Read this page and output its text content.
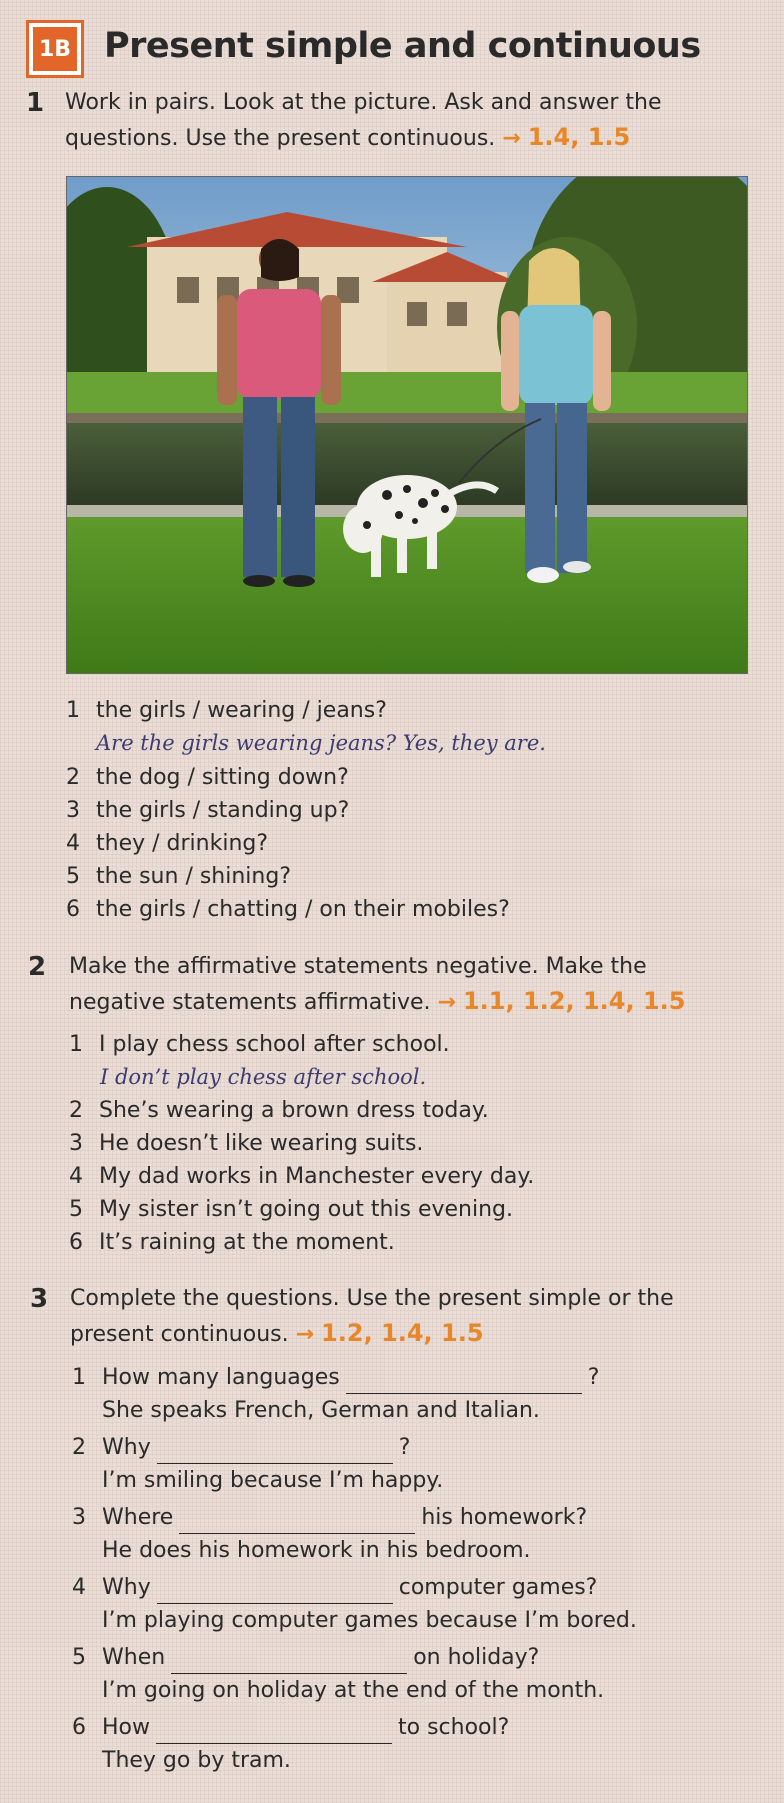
1B Present simple and continuous
1 Work in pairs. Look at the picture. Ask and answer the
questions. Use the present continuous. → 1.4, 1.5
1 the girls / wearing / jeans?
Are the girls wearing jeans? Yes, they are.
2 the dog / sitting down?
3 the girls / standing up?
4 they / drinking?
5 the sun / shining?
6 the girls / chatting / on their mobiles?
2 Make the affirmative statements negative. Make the
negative statements affirmative. → 1.1, 1.2, 1.4, 1.5
1 I play chess school after school.
I don’t play chess after school.
2 She’s wearing a brown dress today.
3 He doesn’t like wearing suits.
4 My dad works in Manchester every day.
5 My sister isn’t going out this evening.
6 It’s raining at the moment.
3 Complete the questions. Use the present simple or the
present continuous. → 1.2, 1.4, 1.5
1 How many languages	?
She speaks French, German and Italian.
2 Why	?
I’m smiling because I’m happy.
3 Where	his homework?
He does his homework in his bedroom.
4 Why	computer games?
I’m playing computer games because I’m bored.
5 When	on holiday?
I’m going on holiday at the end of the month.
6 How	to school?
They go by tram.
